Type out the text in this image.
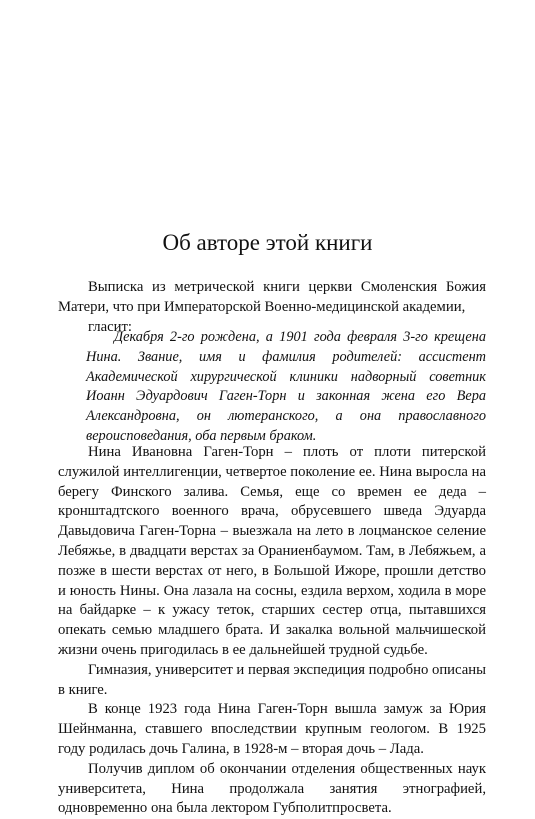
Об авторе этой книги

Выписка из метрической книги церкви Смоленския Божия Матери, что при Императорской Военно-медицинской академии,

гласит:

Декабря 2-го рождена, а 1901 года февраля 3-го крещена Нина. Звание, имя и фамилия родителей: ассистент Академической хирургической клиники надворный советник Иоанн Эдуардович Гаген-Торн и законная жена его Вера Александровна, он лютеранского, а она православного вероисповедания, оба первым браком.

Нина Ивановна Гаген-Торн – плоть от плоти питерской служилой интеллигенции, четвертое поколение ее. Нина выросла на берегу Финского залива. Семья, еще со времен ее деда – кронштадтского военного врача, обрусевшего шведа Эдуарда Давыдовича Гаген-Торна – выезжала на лето в лоцманское селение Лебяжье, в двадцати верстах за Ораниенбаумом. Там, в Лебяжьем, а позже в шести верстах от него, в Большой Ижоре, прошли детство и юность Нины. Она лазала на сосны, ездила верхом, ходила в море на байдарке – к ужасу теток, старших сестер отца, пытавшихся опекать семью младшего брата. И закалка вольной мальчишеской жизни очень пригодилась в ее дальнейшей трудной судьбе.

Гимназия, университет и первая экспедиция подробно описаны в книге.

В конце 1923 года Нина Гаген-Торн вышла замуж за Юрия Шейнманна, ставшего впоследствии крупным геологом. В 1925 году родилась дочь Галина, в 1928-м – вторая дочь – Лада.

Получив диплом об окончании отделения общественных наук университета, Нина продолжала занятия этнографией, одновременно она была лектором Губполитпросвета.
